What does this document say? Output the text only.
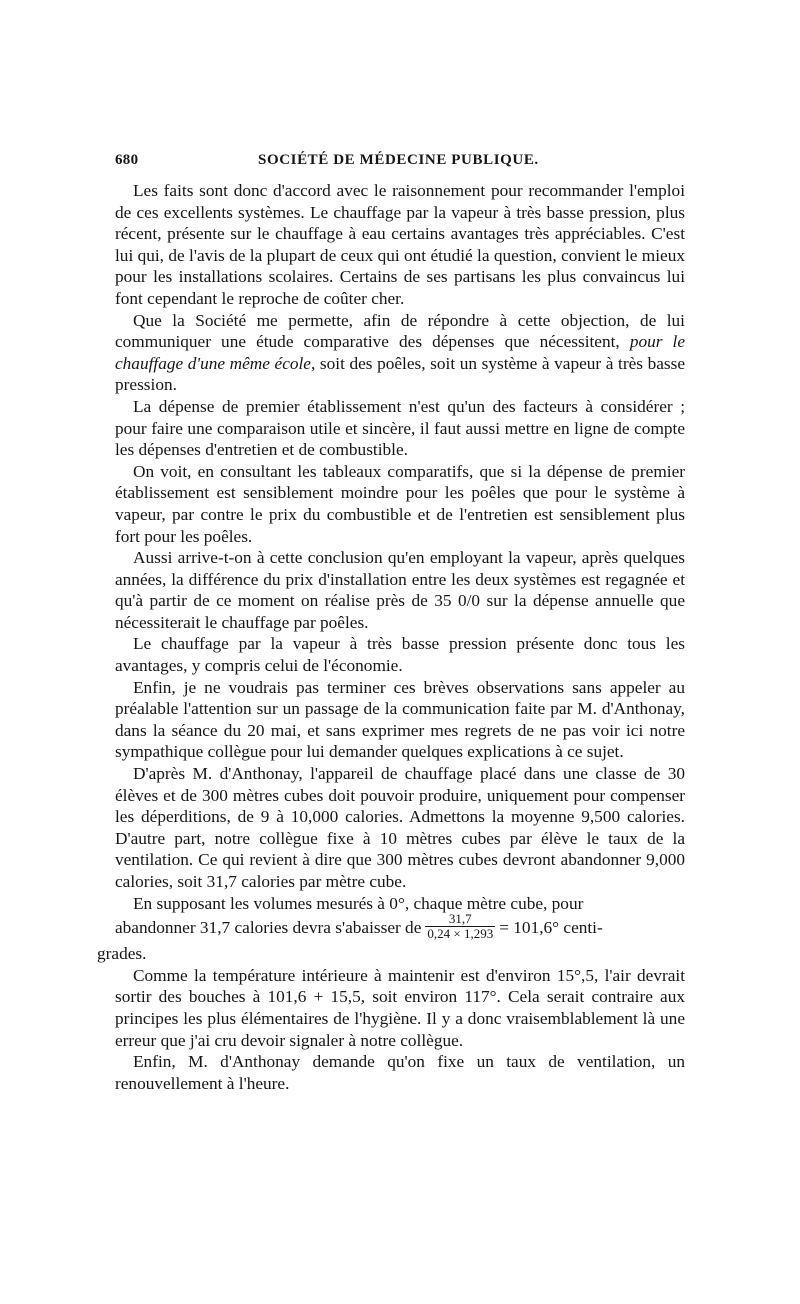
680	SOCIÉTÉ DE MÉDECINE PUBLIQUE.

Les faits sont donc d'accord avec le raisonnement pour recommander l'emploi de ces excellents systèmes. Le chauffage par la vapeur à très basse pression, plus récent, présente sur le chauffage à eau certains avantages très appréciables. C'est lui qui, de l'avis de la plupart de ceux qui ont étudié la question, convient le mieux pour les installations scolaires. Certains de ses partisans les plus convaincus lui font cependant le reproche de coûter cher.

Que la Société me permette, afin de répondre à cette objection, de lui communiquer une étude comparative des dépenses que nécessitent, pour le chauffage d'une même école, soit des poêles, soit un système à vapeur à très basse pression.

La dépense de premier établissement n'est qu'un des facteurs à considérer ; pour faire une comparaison utile et sincère, il faut aussi mettre en ligne de compte les dépenses d'entretien et de combustible.

On voit, en consultant les tableaux comparatifs, que si la dépense de premier établissement est sensiblement moindre pour les poêles que pour le système à vapeur, par contre le prix du combustible et de l'entretien est sensiblement plus fort pour les poêles.

Aussi arrive-t-on à cette conclusion qu'en employant la vapeur, après quelques années, la différence du prix d'installation entre les deux systèmes est regagnée et qu'à partir de ce moment on réalise près de 35 0/0 sur la dépense annuelle que nécessiterait le chauffage par poêles.

Le chauffage par la vapeur à très basse pression présente donc tous les avantages, y compris celui de l'économie.

Enfin, je ne voudrais pas terminer ces brèves observations sans appeler au préalable l'attention sur un passage de la communication faite par M. d'Anthonay, dans la séance du 20 mai, et sans exprimer mes regrets de ne pas voir ici notre sympathique collègue pour lui demander quelques explications à ce sujet.

D'après M. d'Anthonay, l'appareil de chauffage placé dans une classe de 30 élèves et de 300 mètres cubes doit pouvoir produire, uniquement pour compenser les déperditions, de 9 à 10,000 calories. Admettons la moyenne 9,500 calories. D'autre part, notre collègue fixe à 10 mètres cubes par élève le taux de la ventilation. Ce qui revient à dire que 300 mètres cubes devront abandonner 9,000 calories, soit 31,7 calories par mètre cube.

En supposant les volumes mesurés à 0°, chaque mètre cube, pour
abandonner 31,7 calories devra s'abaisser de $\frac{31,7}{0,24 \times 1,293} = 101,6^\circ$ centi-
grades.

Comme la température intérieure à maintenir est d'environ 15°,5, l'air devrait sortir des bouches à 101,6 + 15,5, soit environ 117°. Cela serait contraire aux principes les plus élémentaires de l'hygiène. Il y a donc vraisemblablement là une erreur que j'ai cru devoir signaler à notre collègue.

Enfin, M. d'Anthonay demande qu'on fixe un taux de ventilation, un renouvellement à l'heure.
